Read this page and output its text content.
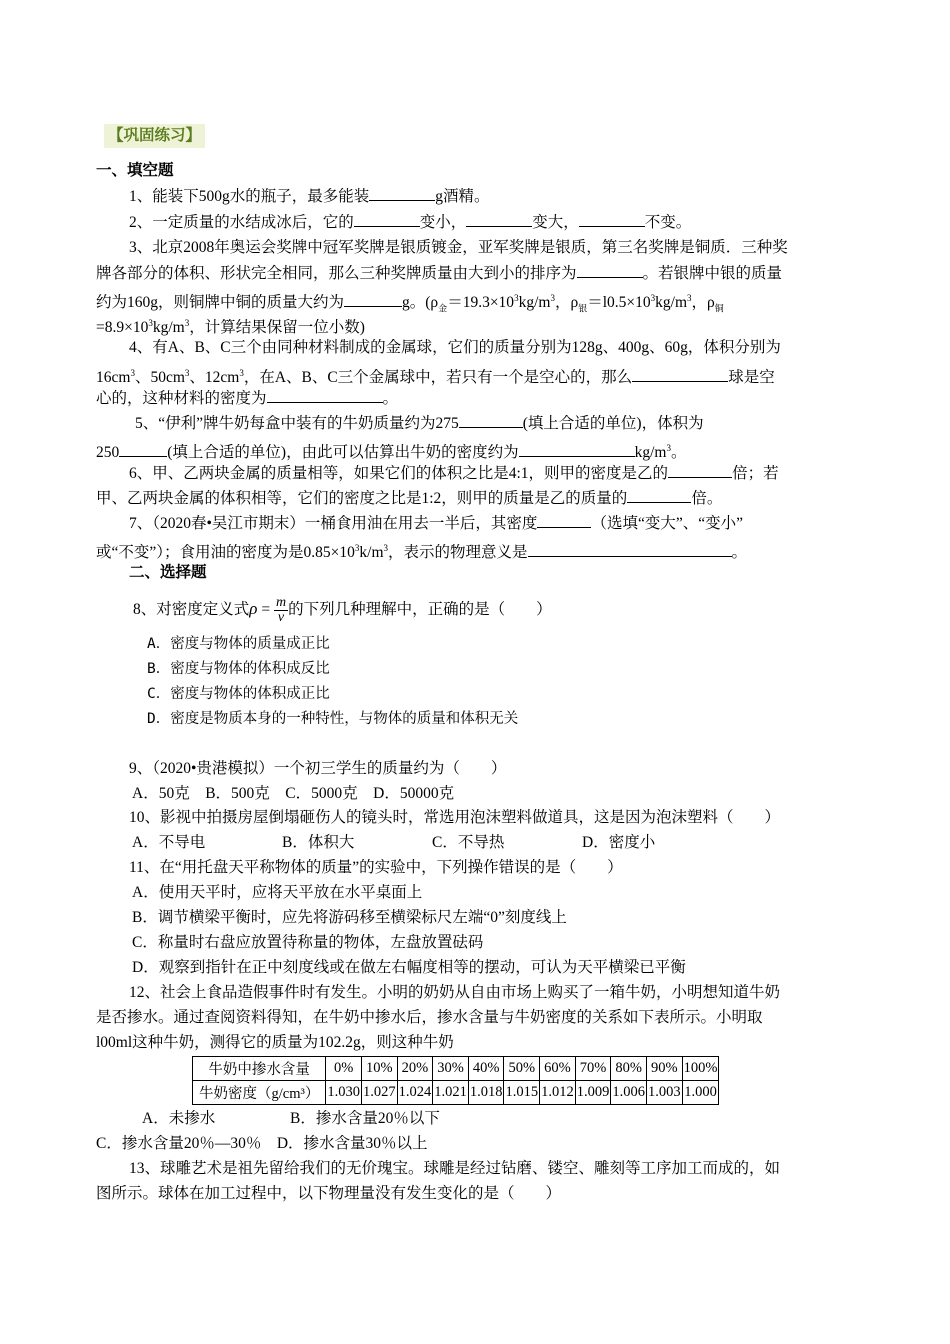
【巩固练习】
一、填空题
1、能装下500g水的瓶子，最多能装	g酒精。
2、一定质量的水结成冰后，它的	变小，	变大，	不变。
3、北京2008年奥运会奖牌中冠军奖牌是银质镀金，亚军奖牌是银质，第三名奖牌是铜质．三种奖
牌各部分的体积、形状完全相同，那么三种奖牌质量由大到小的排序为	。若银牌中银的质量
约为160g，则铜牌中铜的质量大约为	g。($\rho_金=19.3\times 10^3kg/m^3$，$\rho_银=l0.5\times 10^3kg/m^3$，$\rho_铜$
$=8.9\times 10^3kg/m^3$，计算结果保留一位小数)
4、有A、B、C三个由同种材料制成的金属球，它们的质量分别为128g、400g、60g，体积分别为
$16cm^3$、$50cm^3$、$12cm^3$，在A、B、C三个金属球中，若只有一个是空心的，那么	球是空
心的，这种材料的密度为	。
5、“伊利”牌牛奶每盒中装有的牛奶质量约为275	(填上合适的单位)，体积为
250	(填上合适的单位)，由此可以估算出牛奶的密度约为	$kg/m^3$。
6、甲、乙两块金属的质量相等，如果它们的体积之比是4:1，则甲的密度是乙的	倍；若
甲、乙两块金属的体积相等，它们的密度之比是1:2，则甲的质量是乙的质量的	倍。
7、（2020春•吴江市期末）一桶食用油在用去一半后，其密度	（选填“变大”、“变小”
或“不变”）；食用油的密度为是$0.85\times 10^3k/m^3$，表示的物理意义是	。
二、选择题
8、对密度定义式$\rho = \frac{m}{v}$ 的下列几种理解中，正确的是（　　）
A．密度与物体的质量成正比
B．密度与物体的体积成反比
C．密度与物体的体积成正比
D．密度是物质本身的一种特性，与物体的质量和体积无关
9、（2020•贵港模拟）一个初三学生的质量约为（　　）
A．50克　B．500克　C．5000克　D．50000克
10、影视中拍摄房屋倒塌砸伤人的镜头时，常选用泡沫塑料做道具，这是因为泡沫塑料（　　）
A．不导电	B．体积大	C．不导热	D．密度小
11、在“用托盘天平称物体的质量”的实验中，下列操作错误的是（　　）
A．使用天平时，应将天平放在水平桌面上
B．调节横梁平衡时，应先将游码移至横梁标尺左端“0”刻度线上
C．称量时右盘应放置待称量的物体，左盘放置砝码
D．观察到指针在正中刻度线或在做左右幅度相等的摆动，可认为天平横梁已平衡
12、社会上食品造假事件时有发生。小明的奶奶从自由市场上购买了一箱牛奶，小明想知道牛奶
是否掺水。通过查阅资料得知，在牛奶中掺水后，掺水含量与牛奶密度的关系如下表所示。小明取
l00ml这种牛奶，测得它的质量为102.2g，则这种牛奶
牛奶中掺水含量	0%	10%	20%	30%	40%	50%	60%	70%	80%	90%	100%
牛奶密度（g/cm³）	1.030	1.027	1.024	1.021	1.018	1.015	1.012	1.009	1.006	1.003	1.000
A．未掺水	B．掺水含量20％以下
C．掺水含量20％—30％　D．掺水含量30％以上
13、球雕艺术是祖先留给我们的无价瑰宝。球雕是经过钻磨、镂空、雕刻等工序加工而成的，如
图所示。球体在加工过程中，以下物理量没有发生变化的是（　　）
